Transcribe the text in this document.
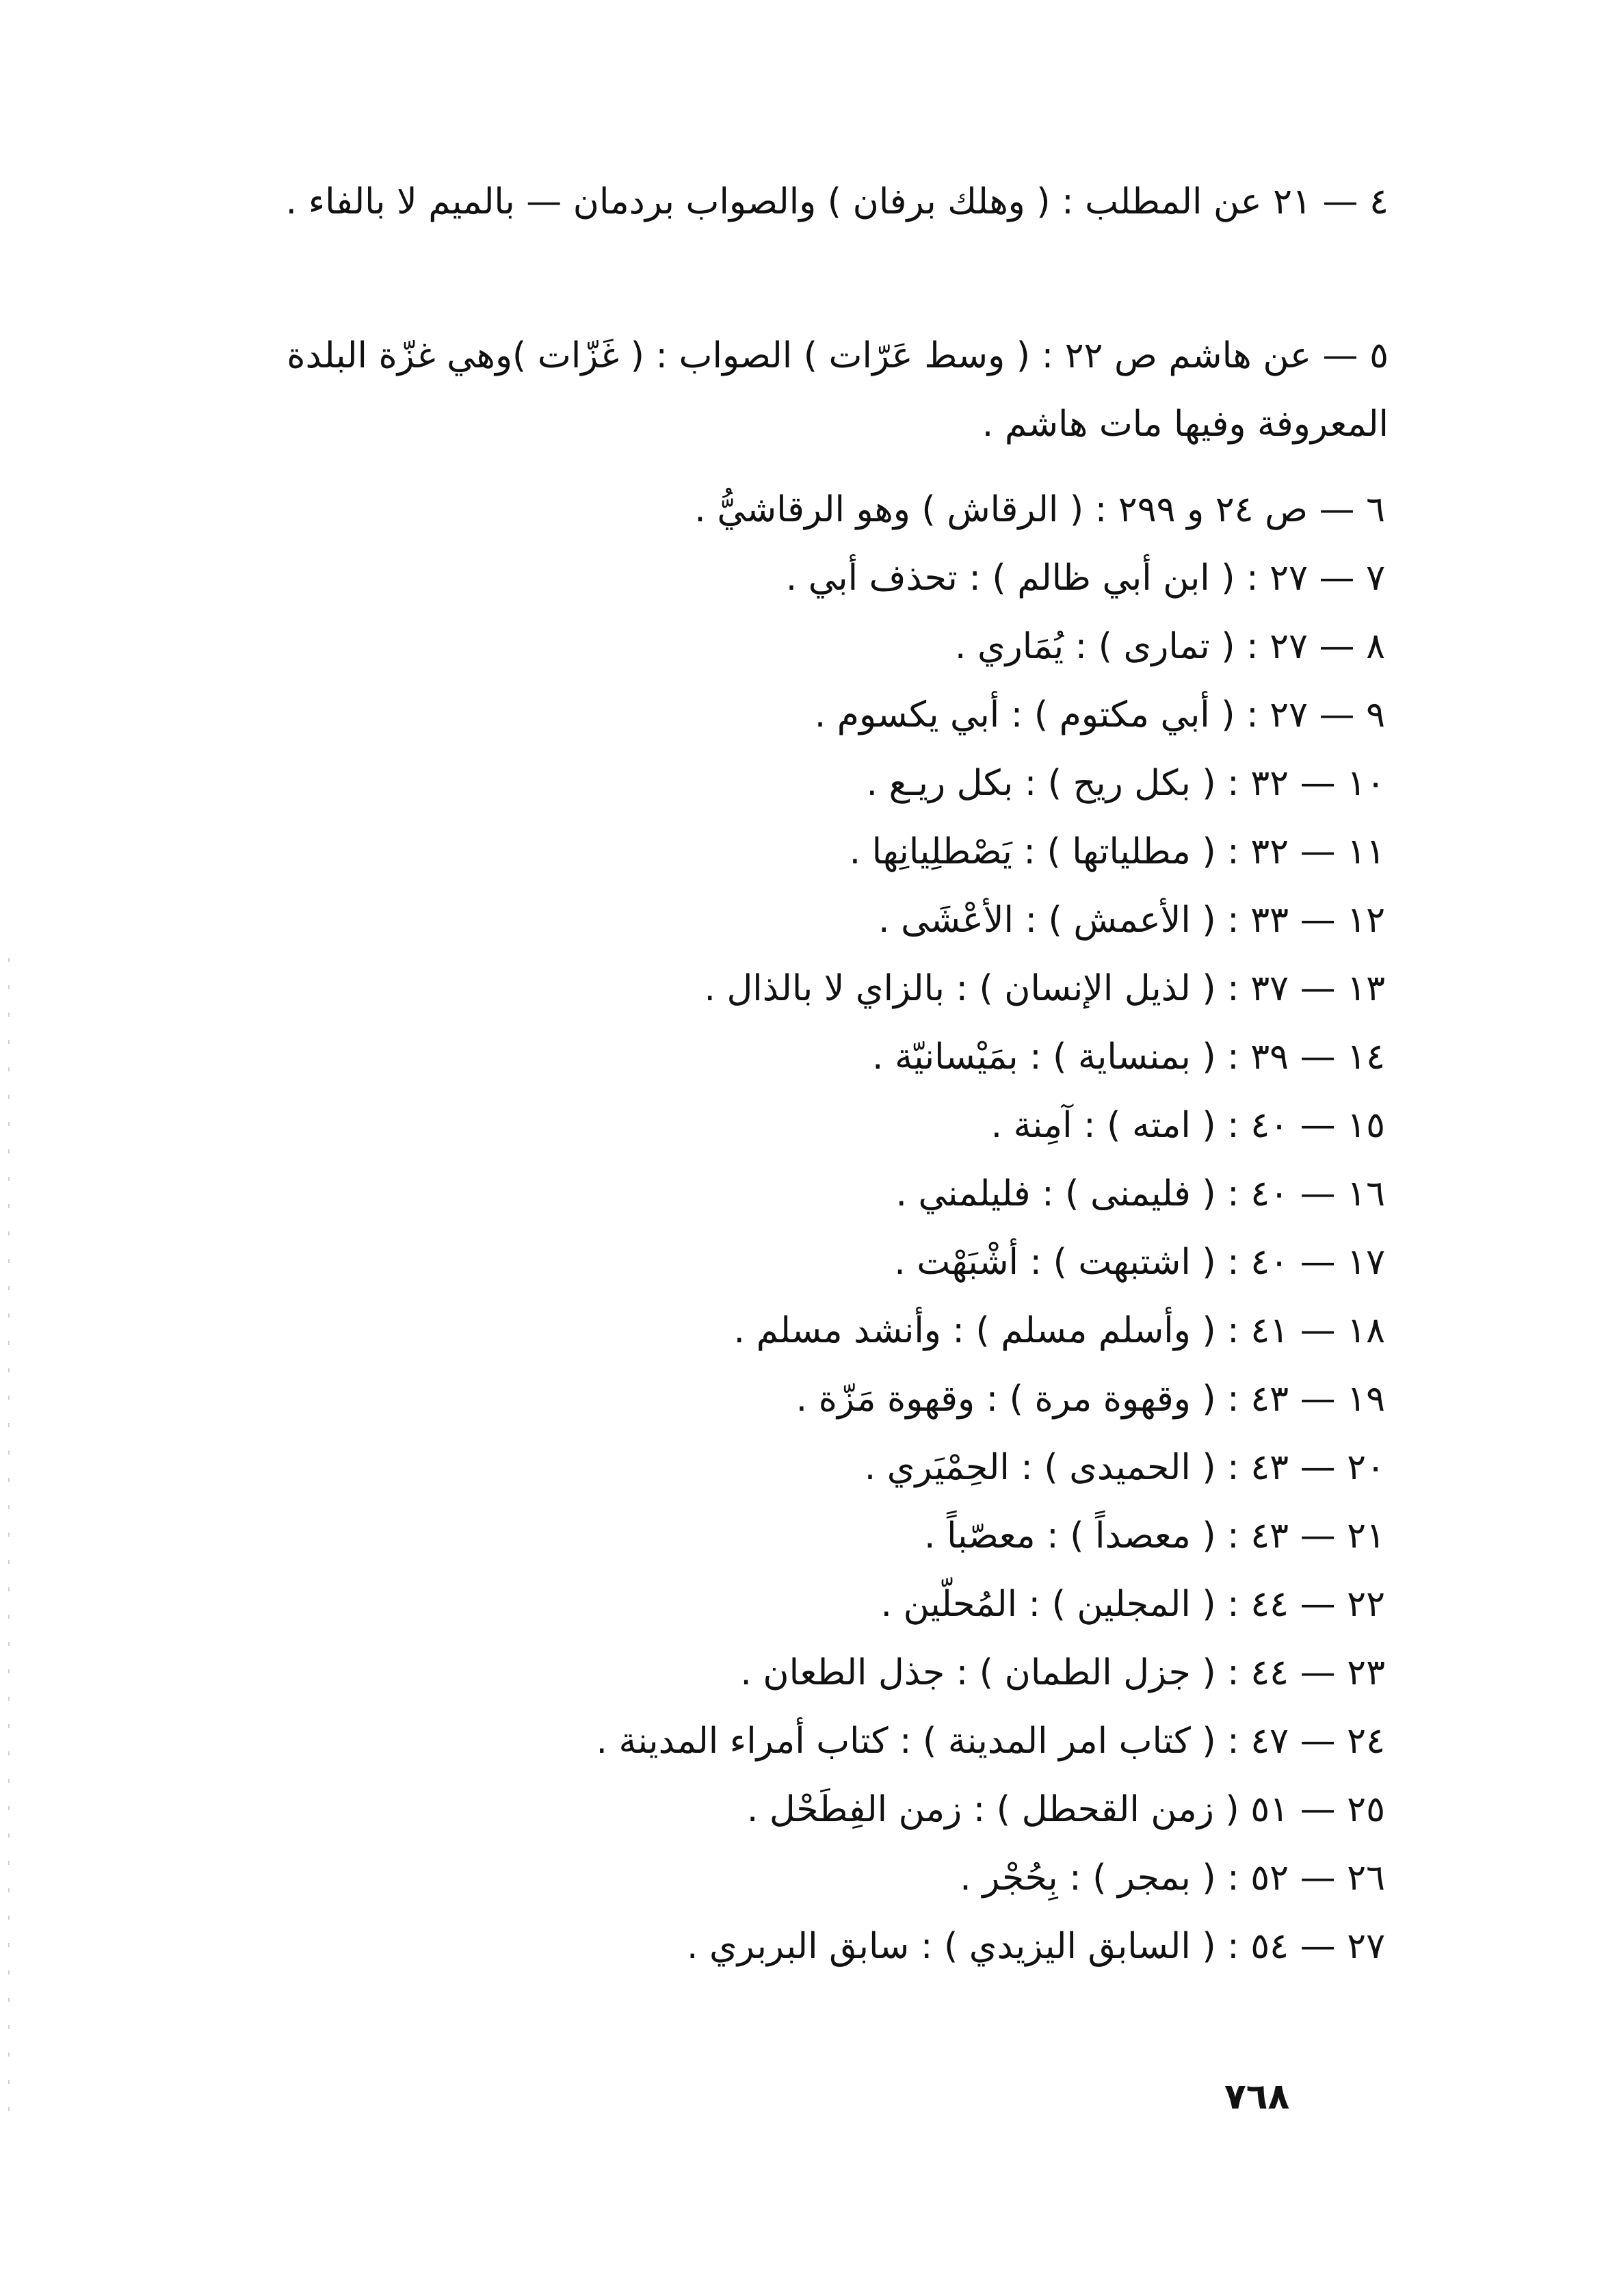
٤ — ٢١ عن المطلب : ( وهلك برفان ) والصواب بردمان — بالميم لا بالفاء .

٥ — عن هاشم ص ٢٢ : ( وسط عَرّات ) الصواب : ( غَزّات )وهي غزّة البلدة المعروفة وفيها مات هاشم .

٦ — ص ٢٤ و ٢٩٩ : ( الرقاش ) وهو الرقاشيُّ .
٧ — ٢٧ : ( ابن أبي ظالم ) : تحذف أبي .
٨ — ٢٧ : ( تمارى ) : يُمَاري .
٩ — ٢٧ : ( أبي مكتوم ) : أبي يكسوم .
١٠ — ٣٢ : ( بكل ريح ) : بكل ريـع .
١١ — ٣٢ : ( مطلياتها ) : يَصْطلِيانِها .
١٢ — ٣٣ : ( الأعمش ) : الأعْشَى .
١٣ — ٣٧ : ( لذيل الإنسان ) : بالزاي لا بالذال .
١٤ — ٣٩ : ( بمنساية ) : بمَيْسانيّة .
١٥ — ٤٠ : ( امته ) : آمِنة .
١٦ — ٤٠ : ( فليمنى ) : فليلمني .
١٧ — ٤٠ : ( اشتبهت ) : أشْبَهْت .
١٨ — ٤١ : ( وأسلم مسلم ) : وأنشد مسلم .
١٩ — ٤٣ : ( وقهوة مرة ) : وقهوة مَزّة .
٢٠ — ٤٣ : ( الحميدى ) : الحِمْيَري .
٢١ — ٤٣ : ( معصداً ) : معصّباً .
٢٢ — ٤٤ : ( المجلين ) : المُحلّين .
٢٣ — ٤٤ : ( جزل الطمان ) : جذل الطعان .
٢٤ — ٤٧ : ( كتاب امر المدينة ) : كتاب أمراء المدينة .
٢٥ — ٥١ ( زمن القحطل ) : زمن الفِطَحْل .
٢٦ — ٥٢ : ( بمجر ) : بِحُجْر .
٢٧ — ٥٤ : ( السابق اليزيدي ) : سابق البربري .
٧٦٨
